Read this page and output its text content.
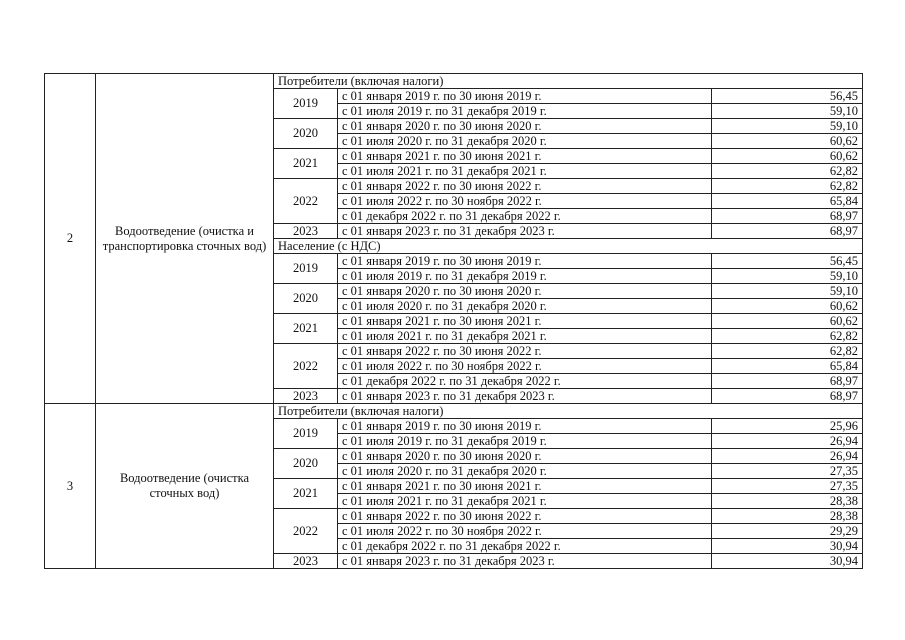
2	Водоотведение (очистка и транспортировка сточных вод)	Потребители (включая налоги)		
		2019	с 01 января 2019 г. по 30 июня 2019 г.	56,45
			с 01 июля 2019 г. по 31 декабря 2019 г.	59,10
		2020	с 01 января 2020 г. по 30 июня 2020 г.	59,10
			с 01 июля 2020 г. по 31 декабря 2020 г.	60,62
		2021	с 01 января 2021 г. по 30 июня 2021 г.	60,62
			с 01 июля 2021 г. по 31 декабря 2021 г.	62,82
		2022	с 01 января 2022 г. по 30 июня 2022 г.	62,82
			с 01 июля 2022 г. по 30 ноября 2022 г.	65,84
			с 01 декабря 2022 г. по 31 декабря 2022 г.	68,97
		2023	с 01 января 2023 г. по 31 декабря 2023 г.	68,97
		Население (с НДС)		
		2019	с 01 января 2019 г. по 30 июня 2019 г.	56,45
			с 01 июля 2019 г. по 31 декабря 2019 г.	59,10
		2020	с 01 января 2020 г. по 30 июня 2020 г.	59,10
			с 01 июля 2020 г. по 31 декабря 2020 г.	60,62
		2021	с 01 января 2021 г. по 30 июня 2021 г.	60,62
			с 01 июля 2021 г. по 31 декабря 2021 г.	62,82
		2022	с 01 января 2022 г. по 30 июня 2022 г.	62,82
			с 01 июля 2022 г. по 30 ноября 2022 г.	65,84
			с 01 декабря 2022 г. по 31 декабря 2022 г.	68,97
		2023	с 01 января 2023 г. по 31 декабря 2023 г.	68,97
3	Водоотведение (очистка сточных вод)	Потребители (включая налоги)		
		2019	с 01 января 2019 г. по 30 июня 2019 г.	25,96
			с 01 июля 2019 г. по 31 декабря 2019 г.	26,94
		2020	с 01 января 2020 г. по 30 июня 2020 г.	26,94
			с 01 июля 2020 г. по 31 декабря 2020 г.	27,35
		2021	с 01 января 2021 г. по 30 июня 2021 г.	27,35
			с 01 июля 2021 г. по 31 декабря 2021 г.	28,38
		2022	с 01 января 2022 г. по 30 июня 2022 г.	28,38
			с 01 июля 2022 г. по 30 ноября 2022 г.	29,29
			с 01 декабря 2022 г. по 31 декабря 2022 г.	30,94
		2023	с 01 января 2023 г. по 31 декабря 2023 г.	30,94
